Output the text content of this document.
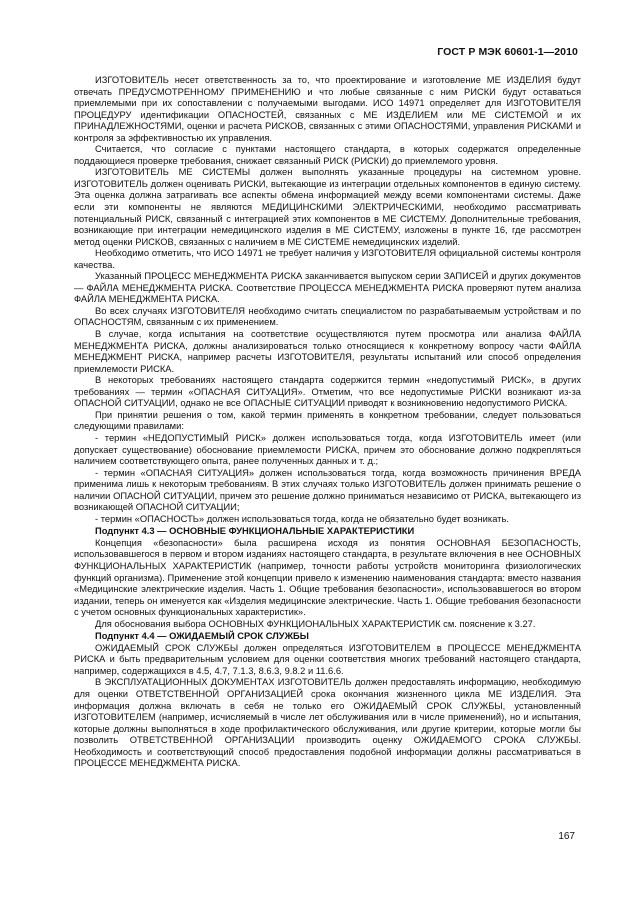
ГОСТ Р МЭК 60601-1—2010

ИЗГОТОВИТЕЛЬ несет ответственность за то, что проектирование и изготовление МЕ ИЗДЕЛИЯ будут отвечать ПРЕДУСМОТРЕННОМУ ПРИМЕНЕНИЮ и что любые связанные с ним РИСКИ будут оставаться приемлемыми при их сопоставлении с получаемыми выгодами. ИСО 14971 определяет для ИЗГОТОВИТЕЛЯ ПРОЦЕДУРУ идентификации ОПАСНОСТЕЙ, связанных с МЕ ИЗДЕЛИЕМ или МЕ СИСТЕМОЙ и их ПРИНАДЛЕЖНОСТЯМИ, оценки и расчета РИСКОВ, связанных с этими ОПАСНОСТЯМИ, управления РИСКАМИ и контроля за эффективностью их управления.

Считается, что согласие с пунктами настоящего стандарта, в которых содержатся определенные поддающиеся проверке требования, снижает связанный РИСК (РИСКИ) до приемлемого уровня.

ИЗГОТОВИТЕЛЬ МЕ СИСТЕМЫ должен выполнять указанные процедуры на системном уровне. ИЗГОТОВИТЕЛЬ должен оценивать РИСКИ, вытекающие из интеграции отдельных компонентов в единую систему. Эта оценка должна затрагивать все аспекты обмена информацией между всеми компонентами системы. Даже если эти компоненты не являются МЕДИЦИНСКИМИ ЭЛЕКТРИЧЕСКИМИ, необходимо рассматривать потенциальный РИСК, связанный с интеграцией этих компонентов в МЕ СИСТЕМУ. Дополнительные требования, возникающие при интеграции немедицинского изделия в МЕ СИСТЕМУ, изложены в пункте 16, где рассмотрен метод оценки РИСКОВ, связанных с наличием в МЕ СИСТЕМЕ немедицинских изделий.

Необходимо отметить, что ИСО 14971 не требует наличия у ИЗГОТОВИТЕЛЯ официальной системы контроля качества.

Указанный ПРОЦЕСС МЕНЕДЖМЕНТА РИСКА заканчивается выпуском серии ЗАПИСЕЙ и других документов — ФАЙЛА МЕНЕДЖМЕНТА РИСКА. Соответствие ПРОЦЕССА МЕНЕДЖМЕНТА РИСКА проверяют путем анализа ФАЙЛА МЕНЕДЖМЕНТА РИСКА.

Во всех случаях ИЗГОТОВИТЕЛЯ необходимо считать специалистом по разрабатываемым устройствам и по ОПАСНОСТЯМ, связанным с их применением.

В случае, когда испытания на соответствие осуществляются путем просмотра или анализа ФАЙЛА МЕНЕДЖМЕНТА РИСКА, должны анализироваться только относящиеся к конкретному вопросу части ФАЙЛА МЕНЕДЖМЕНТ РИСКА, например расчеты ИЗГОТОВИТЕЛЯ, результаты испытаний или способ определения приемлемости РИСКА.

В некоторых требованиях настоящего стандарта содержится термин «недопустимый РИСК», в других требованиях — термин «ОПАСНАЯ СИТУАЦИЯ». Отметим, что все недопустимые РИСКИ возникают из-за ОПАСНОЙ СИТУАЦИИ, однако не все ОПАСНЫЕ СИТУАЦИИ приводят к возникновению недопустимого РИСКА.

При принятии решения о том, какой термин применять в конкретном требовании, следует пользоваться следующими правилами:

- термин «НЕДОПУСТИМЫЙ РИСК» должен использоваться тогда, когда ИЗГОТОВИТЕЛЬ имеет (или допускает существование) обоснование приемлемости РИСКА, причем это обоснование должно подкрепляться наличием соответствующего опыта, ранее полученных данных и т. д.;

- термин «ОПАСНАЯ СИТУАЦИЯ» должен использоваться тогда, когда возможность причинения ВРЕДА применима лишь к некоторым требованиям. В этих случаях только ИЗГОТОВИТЕЛЬ должен принимать решение о наличии ОПАСНОЙ СИТУАЦИИ, причем это решение должно приниматься независимо от РИСКА, вытекающего из возникающей ОПАСНОЙ СИТУАЦИИ;

- термин «ОПАСНОСТЬ» должен использоваться тогда, когда не обязательно будет возникать.

Подпункт 4.3 — ОСНОВНЫЕ ФУНКЦИОНАЛЬНЫЕ ХАРАКТЕРИСТИКИ

Концепция «безопасности» была расширена исходя из понятия ОСНОВНАЯ БЕЗОПАСНОСТЬ, использовавшегося в первом и втором изданиях настоящего стандарта, в результате включения в нее ОСНОВНЫХ ФУНКЦИОНАЛЬНЫХ ХАРАКТЕРИСТИК (например, точности работы устройств мониторинга физиологических функций организма). Применение этой концепции привело к изменению наименования стандарта: вместо названия «Медицинские электрические изделия. Часть 1. Общие требования безопасности», использовавшегося во втором издании, теперь он именуется как «Изделия медицинские электрические. Часть 1. Общие требования безопасности с учетом основных функциональных характеристик».

Для обоснования выбора ОСНОВНЫХ ФУНКЦИОНАЛЬНЫХ ХАРАКТЕРИСТИК см. пояснение к 3.27.

Подпункт 4.4 — ОЖИДАЕМЫЙ СРОК СЛУЖБЫ

ОЖИДАЕМЫЙ СРОК СЛУЖБЫ должен определяться ИЗГОТОВИТЕЛЕМ в ПРОЦЕССЕ МЕНЕДЖМЕНТА РИСКА и быть предварительным условием для оценки соответствия многих требований настоящего стандарта, например, содержащихся в 4.5, 4.7, 7.1.3, 8.6.3, 9.8.2 и 11.6.6.

В ЭКСПЛУАТАЦИОННЫХ ДОКУМЕНТАХ ИЗГОТОВИТЕЛЬ должен предоставлять информацию, необходимую для оценки ОТВЕТСТВЕННОЙ ОРГАНИЗАЦИЕЙ срока окончания жизненного цикла МЕ ИЗДЕЛИЯ. Эта информация должна включать в себя не только его ОЖИДАЕМЫЙ СРОК СЛУЖБЫ, установленный ИЗГОТОВИТЕЛЕМ (например, исчисляемый в числе лет обслуживания или в числе применений), но и испытания, которые должны выполняться в ходе профилактического обслуживания, или другие критерии, которые могли бы позволить ОТВЕТСТВЕННОЙ ОРГАНИЗАЦИИ производить оценку ОЖИДАЕМОГО СРОКА СЛУЖБЫ. Необходимость и соответствующий способ предоставления подобной информации должны рассматриваться в ПРОЦЕССЕ МЕНЕДЖМЕНТА РИСКА.

167
